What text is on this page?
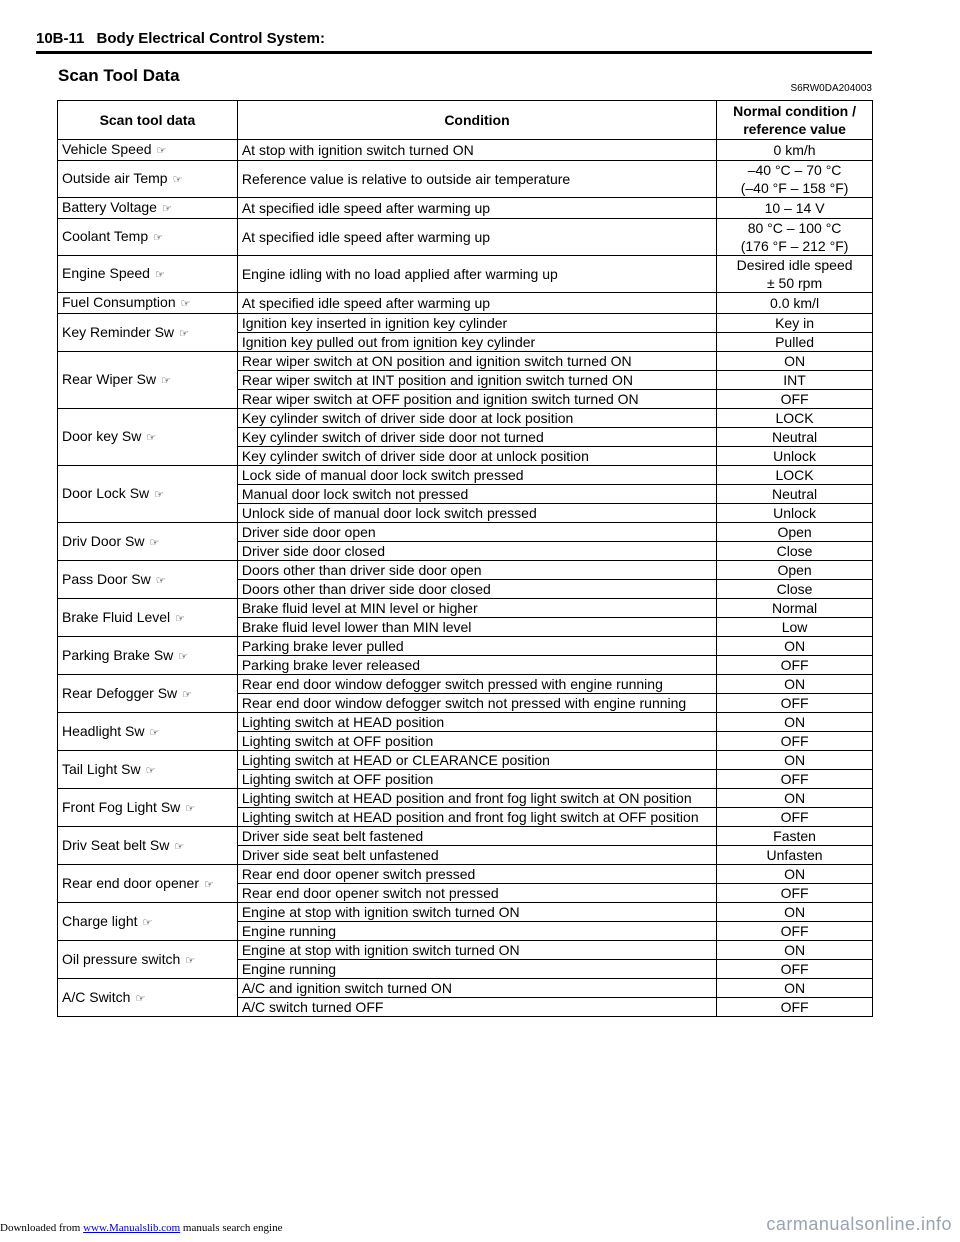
10B-11 Body Electrical Control System:
Scan Tool Data
S6RW0DA204003
Scan tool data	Condition	Normal condition / reference value
Vehicle Speed ☞	At stop with ignition switch turned ON	0 km/h
Outside air Temp ☞	Reference value is relative to outside air temperature	–40 °C – 70 °C
(–40 °F – 158 °F)
Battery Voltage ☞	At specified idle speed after warming up	10 – 14 V
Coolant Temp ☞	At specified idle speed after warming up	80 °C – 100 °C
(176 °F – 212 °F)
Engine Speed ☞	Engine idling with no load applied after warming up	Desired idle speed
± 50 rpm
Fuel Consumption ☞	At specified idle speed after warming up	0.0 km/l
Key Reminder Sw ☞	Ignition key inserted in ignition key cylinder	Key in
	Ignition key pulled out from ignition key cylinder	Pulled
Rear Wiper Sw ☞	Rear wiper switch at ON position and ignition switch turned ON	ON
	Rear wiper switch at INT position and ignition switch turned ON	INT
	Rear wiper switch at OFF position and ignition switch turned ON	OFF
Door key Sw ☞	Key cylinder switch of driver side door at lock position	LOCK
	Key cylinder switch of driver side door not turned	Neutral
	Key cylinder switch of driver side door at unlock position	Unlock
Door Lock Sw ☞	Lock side of manual door lock switch pressed	LOCK
	Manual door lock switch not pressed	Neutral
	Unlock side of manual door lock switch pressed	Unlock
Driv Door Sw ☞	Driver side door open	Open
	Driver side door closed	Close
Pass Door Sw ☞	Doors other than driver side door open	Open
	Doors other than driver side door closed	Close
Brake Fluid Level ☞	Brake fluid level at MIN level or higher	Normal
	Brake fluid level lower than MIN level	Low
Parking Brake Sw ☞	Parking brake lever pulled	ON
	Parking brake lever released	OFF
Rear Defogger Sw ☞	Rear end door window defogger switch pressed with engine running	ON
	Rear end door window defogger switch not pressed with engine running	OFF
Headlight Sw ☞	Lighting switch at HEAD position	ON
	Lighting switch at OFF position	OFF
Tail Light Sw ☞	Lighting switch at HEAD or CLEARANCE position	ON
	Lighting switch at OFF position	OFF
Front Fog Light Sw ☞	Lighting switch at HEAD position and front fog light switch at ON position	ON
	Lighting switch at HEAD position and front fog light switch at OFF position	OFF
Driv Seat belt Sw ☞	Driver side seat belt fastened	Fasten
	Driver side seat belt unfastened	Unfasten
Rear end door opener ☞	Rear end door opener switch pressed	ON
	Rear end door opener switch not pressed	OFF
Charge light ☞	Engine at stop with ignition switch turned ON	ON
	Engine running	OFF
Oil pressure switch ☞	Engine at stop with ignition switch turned ON	ON
	Engine running	OFF
A/C Switch ☞	A/C and ignition switch turned ON	ON
	A/C switch turned OFF	OFF
Downloaded from www.Manualslib.com manuals search engine	carmanualsonline.info
